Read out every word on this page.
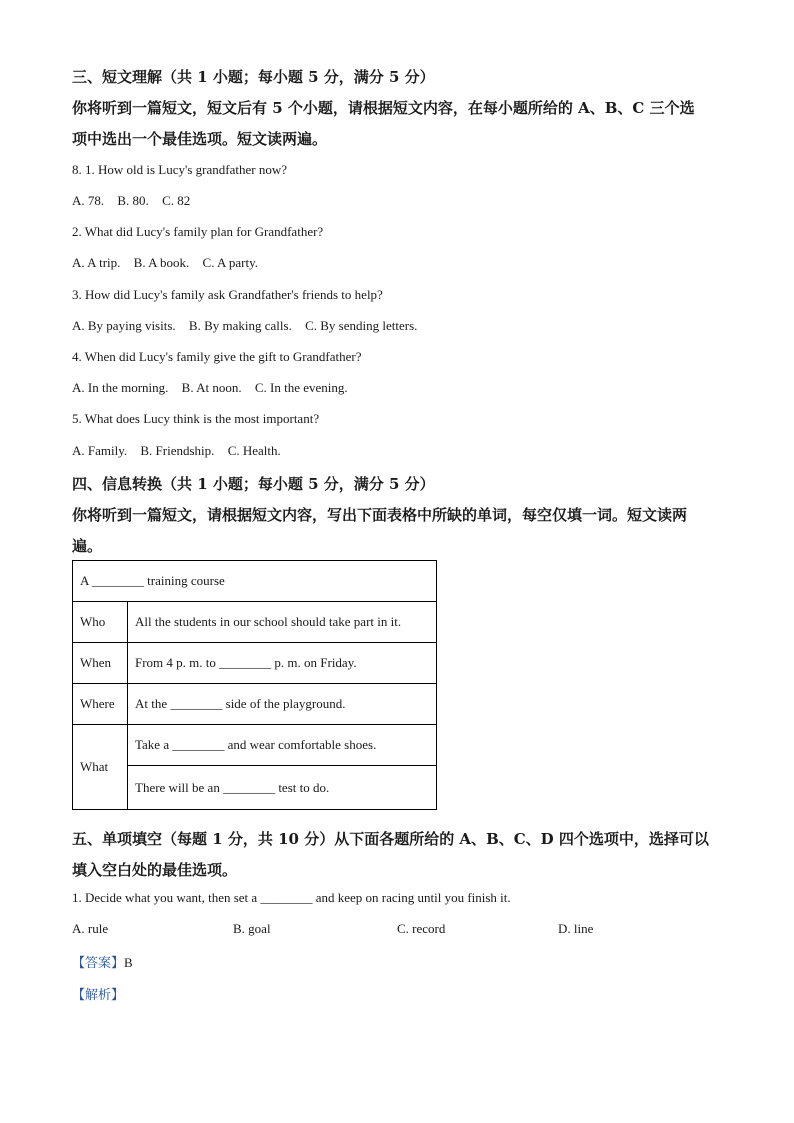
三、短文理解（共 1 小题；每小题 5 分，满分 5 分）
你将听到一篇短文，短文后有 5 个小题，请根据短文内容，在每小题所给的 A、B、C 三个选
项中选出一个最佳选项。短文读两遍。
8. 1. How old is Lucy's grandfather now?
A. 78. B. 80. C. 82
2. What did Lucy's family plan for Grandfather?
A. A trip. B. A book. C. A party.
3. How did Lucy's family ask Grandfather's friends to help?
A. By paying visits. B. By making calls. C. By sending letters.
4. When did Lucy's family give the gift to Grandfather?
A. In the morning. B. At noon. C. In the evening.
5. What does Lucy think is the most important?
A. Family. B. Friendship. C. Health.
四、信息转换（共 1 小题；每小题 5 分，满分 5 分）
你将听到一篇短文，请根据短文内容，写出下面表格中所缺的单词，每空仅填一词。短文读两
遍。
A ________ training course	
Who	All the students in our school should take part in it.
When	From 4 p. m. to ________ p. m. on Friday.
Where	At the ________ side of the playground.
What	Take a ________ and wear comfortable shoes.
	There will be an ________ test to do.
五、单项填空（每题 1 分，共 10 分）从下面各题所给的 A、B、C、D 四个选项中，选择可以
填入空白处的最佳选项。
1. Decide what you want, then set a ________ and keep on racing until you finish it.
A. rule	B. goal	C. record	D. line
【答案】B
【解析】
